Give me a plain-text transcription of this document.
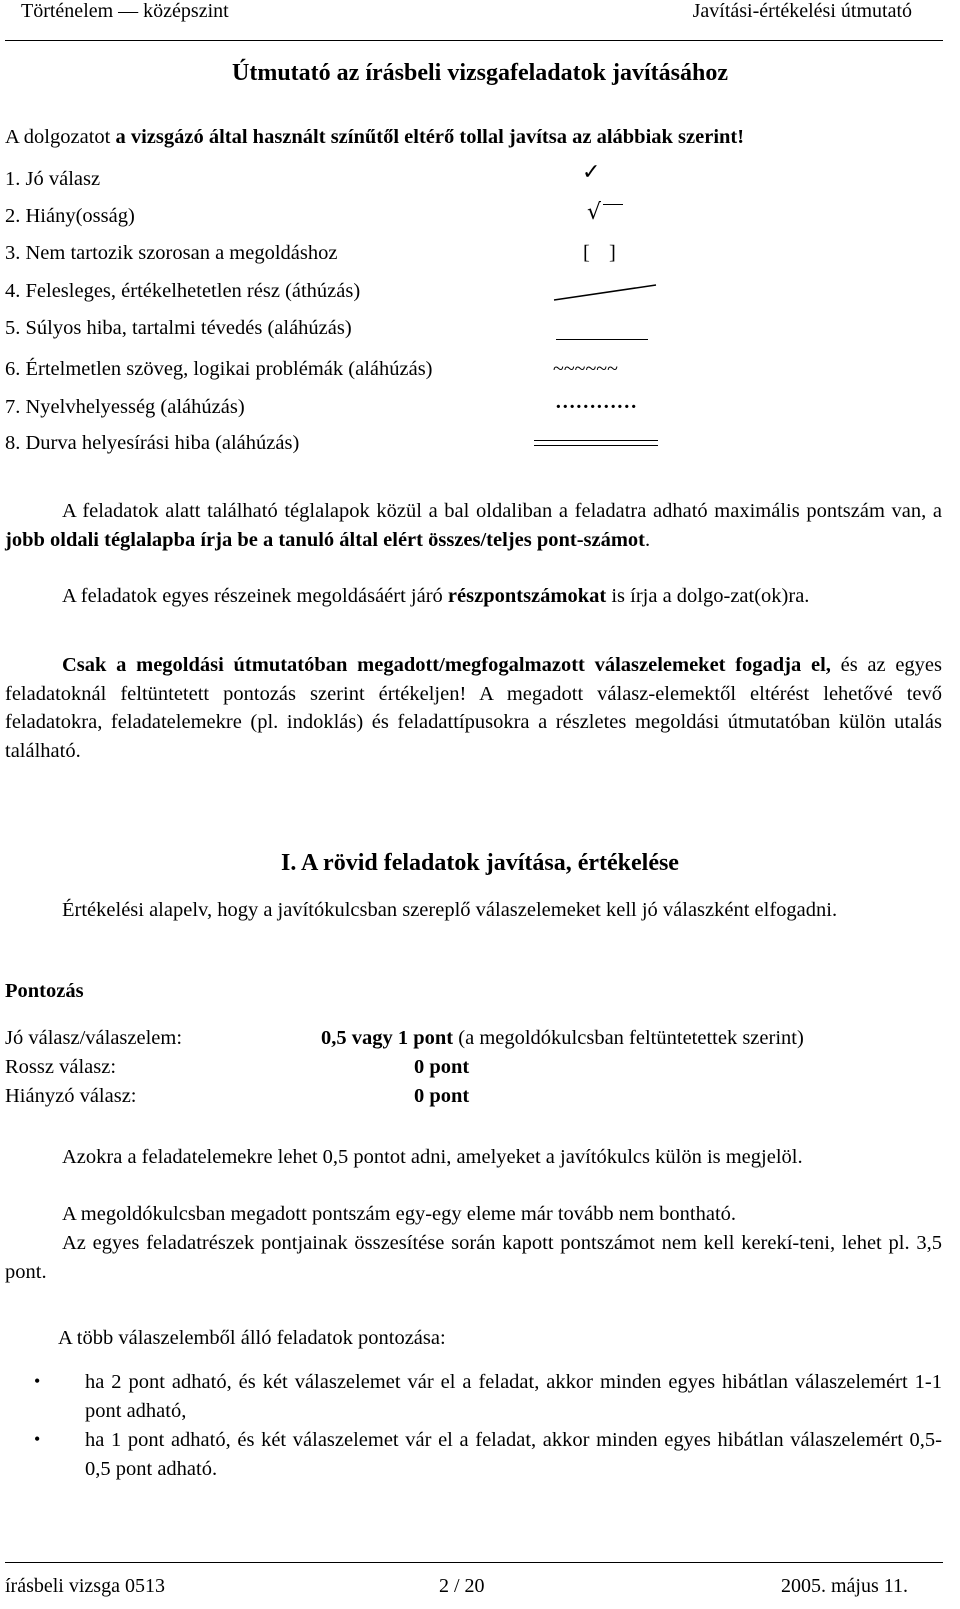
Történelem — középszint	Javítási-értékelési útmutató
Útmutató az írásbeli vizsgafeladatok javításához
A dolgozatot a vizsgázó által használt színűtől eltérő tollal javítsa az alábbiak szerint!
1. Jó válasz	✓
2. Hiány(osság)	√
3. Nem tartozik szorosan a megoldáshoz	[ ]
4. Felesleges, értékelhetetlen rész (áthúzás)
5. Súlyos hiba, tartalmi tévedés (aláhúzás)
6. Értelmetlen szöveg, logikai problémák (aláhúzás)	~~~~~~
7. Nyelvhelyesség (aláhúzás)	…………
8. Durva helyesírási hiba (aláhúzás)
A feladatok alatt található téglalapok közül a bal oldaliban a feladatra adható maximális pontszám van, a jobb oldali téglalapba írja be a tanuló által elért összes/teljes pont-számot.
A feladatok egyes részeinek megoldásáért járó részpontszámokat is írja a dolgo-zat(ok)ra.
Csak a megoldási útmutatóban megadott/megfogalmazott válaszelemeket fogadja el, és az egyes feladatoknál feltüntetett pontozás szerint értékeljen! A megadott válasz-elemektől eltérést lehetővé tevő feladatokra, feladatelemekre (pl. indoklás) és feladattípusokra a részletes megoldási útmutatóban külön utalás található.
I. A rövid feladatok javítása, értékelése
Értékelési alapelv, hogy a javítókulcsban szereplő válaszelemeket kell jó válaszként elfogadni.
Pontozás
Jó válasz/válaszelem:	0,5 vagy 1 pont (a megoldókulcsban feltüntetettek szerint)
Rossz válasz:	0 pont
Hiányzó válasz:	0 pont
Azokra a feladatelemekre lehet 0,5 pontot adni, amelyeket a javítókulcs külön is megjelöl.
A megoldókulcsban megadott pontszám egy-egy eleme már tovább nem bontható.
Az egyes feladatrészek pontjainak összesítése során kapott pontszámot nem kell kerekí-teni, lehet pl. 3,5 pont.
A több válaszelemből álló feladatok pontozása:
• ha 2 pont adható, és két válaszelemet vár el a feladat, akkor minden egyes hibátlan válaszelemért 1-1 pont adható,
• ha 1 pont adható, és két válaszelemet vár el a feladat, akkor minden egyes hibátlan válaszelemért 0,5-0,5 pont adható.
írásbeli vizsga 0513	2 / 20	2005. május 11.
